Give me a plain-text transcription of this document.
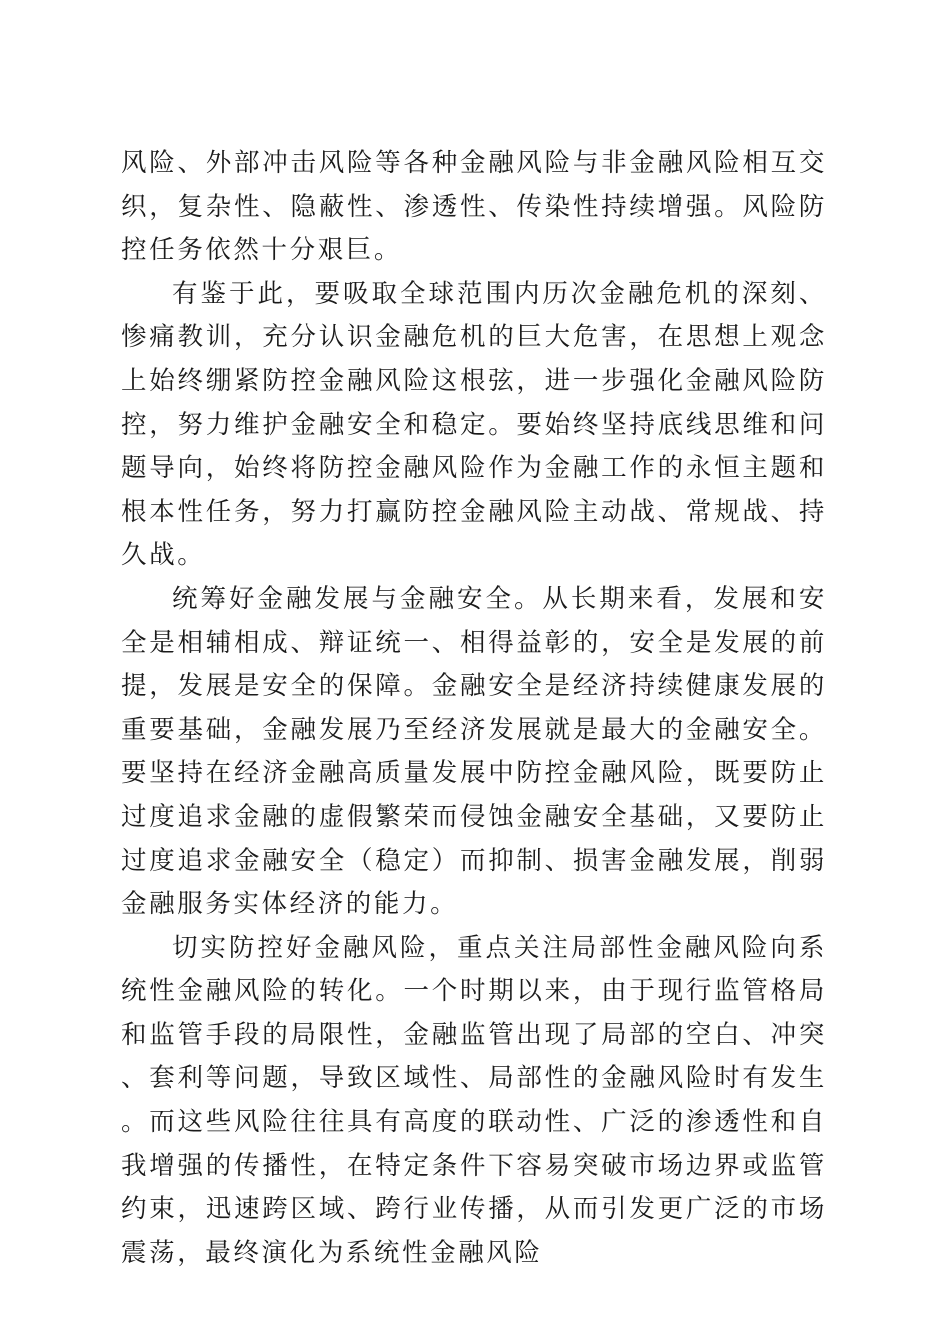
风险、外部冲击风险等各种金融风险与非金融风险相互交织，复杂性、隐蔽性、渗透性、传染性持续增强。风险防控任务依然十分艰巨。

有鉴于此，要吸取全球范围内历次金融危机的深刻、惨痛教训，充分认识金融危机的巨大危害，在思想上观念上始终绷紧防控金融风险这根弦，进一步强化金融风险防控，努力维护金融安全和稳定。要始终坚持底线思维和问题导向，始终将防控金融风险作为金融工作的永恒主题和根本性任务，努力打赢防控金融风险主动战、常规战、持久战。

统筹好金融发展与金融安全。从长期来看，发展和安全是相辅相成、辩证统一、相得益彰的，安全是发展的前提，发展是安全的保障。金融安全是经济持续健康发展的重要基础，金融发展乃至经济发展就是最大的金融安全。要坚持在经济金融高质量发展中防控金融风险，既要防止过度追求金融的虚假繁荣而侵蚀金融安全基础，又要防止过度追求金融安全（稳定）而抑制、损害金融发展，削弱金融服务实体经济的能力。

切实防控好金融风险，重点关注局部性金融风险向系统性金融风险的转化。一个时期以来，由于现行监管格局和监管手段的局限性，金融监管出现了局部的空白、冲突、套利等问题，导致区域性、局部性的金融风险时有发生。而这些风险往往具有高度的联动性、广泛的渗透性和自我增强的传播性，在特定条件下容易突破市场边界或监管约束，迅速跨区域、跨行业传播，从而引发更广泛的市场震荡，最终演化为系统性金融风险
